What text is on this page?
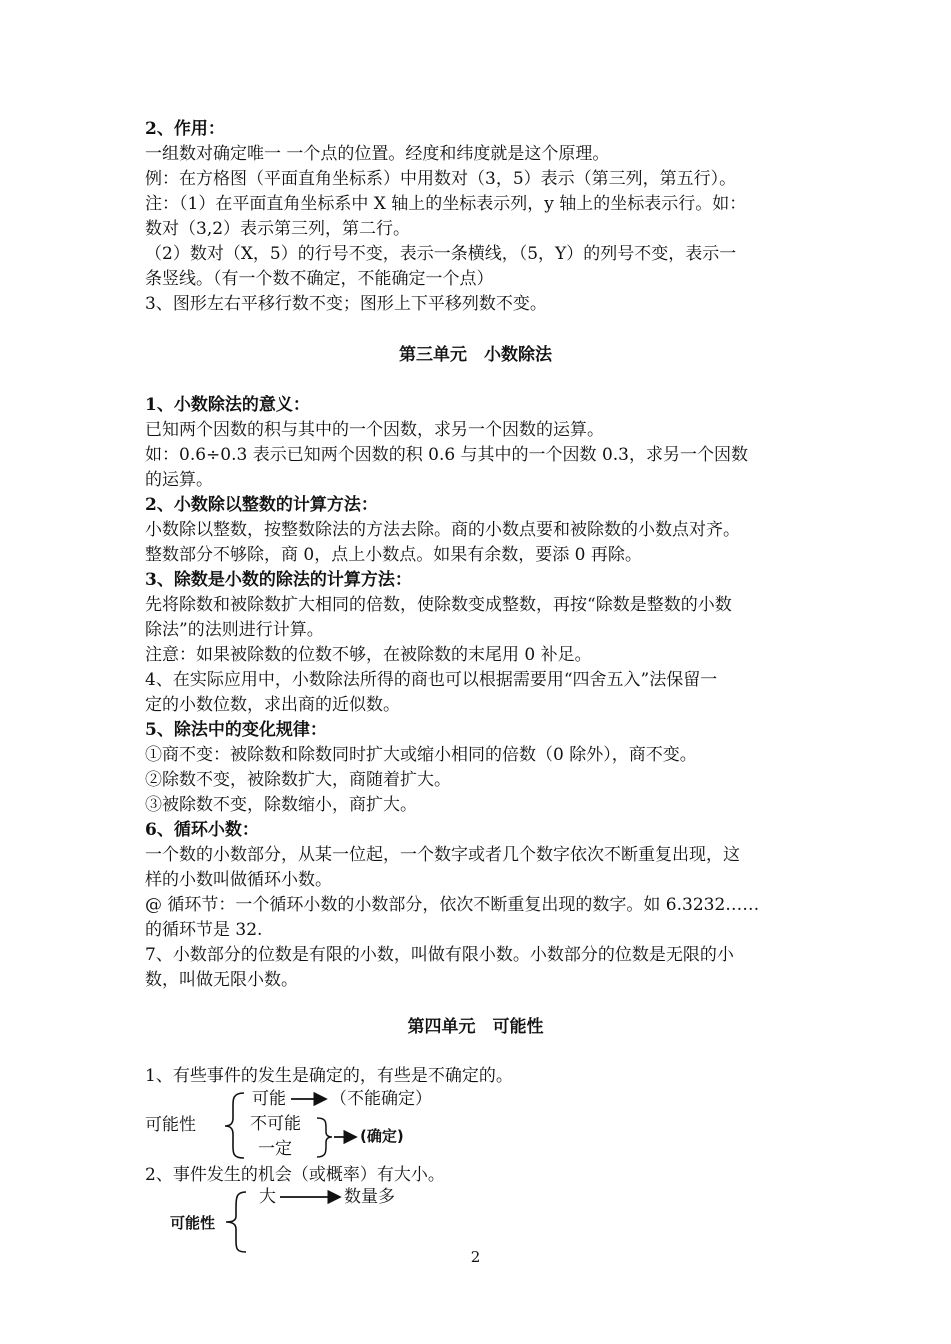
2、作用：
一组数对确定唯一 一个点的位置。经度和纬度就是这个原理。
例：在方格图（平面直角坐标系）中用数对（3，5）表示（第三列，第五行）。
注：（1）在平面直角坐标系中 X 轴上的坐标表示列，y 轴上的坐标表示行。如：
数对（3,2）表示第三列，第二行。
（2）数对（X，5）的行号不变，表示一条横线，（5，Y）的列号不变，表示一
条竖线。（有一个数不确定，不能确定一个点）
3、图形左右平移行数不变；图形上下平移列数不变。
第三单元　小数除法
1、小数除法的意义：
已知两个因数的积与其中的一个因数，求另一个因数的运算。
如：0.6÷0.3 表示已知两个因数的积 0.6 与其中的一个因数 0.3，求另一个因数
的运算。
2、小数除以整数的计算方法：
小数除以整数，按整数除法的方法去除。商的小数点要和被除数的小数点对齐。
整数部分不够除，商 0，点上小数点。如果有余数，要添 0 再除。
3、除数是小数的除法的计算方法：
先将除数和被除数扩大相同的倍数，使除数变成整数，再按“除数是整数的小数
除法”的法则进行计算。
注意：如果被除数的位数不够，在被除数的末尾用 0 补足。
4、在实际应用中，小数除法所得的商也可以根据需要用“四舍五入”法保留一
定的小数位数，求出商的近似数。
5、除法中的变化规律：
①商不变：被除数和除数同时扩大或缩小相同的倍数（0 除外），商不变。
②除数不变，被除数扩大，商随着扩大。
③被除数不变，除数缩小，商扩大。
6、循环小数：
一个数的小数部分，从某一位起，一个数字或者几个数字依次不断重复出现，这
样的小数叫做循环小数。
@ 循环节：一个循环小数的小数部分，依次不断重复出现的数字。如 6.3232……
的循环节是 32.
7、小数部分的位数是有限的小数，叫做有限小数。小数部分的位数是无限的小
数，叫做无限小数。
第四单元　可能性
1、有些事件的发生是确定的，有些是不确定的。
可能性
可能	（不能确定）
不可能
一定
(确定)
2、事件发生的机会（或概率）有大小。
可能性
大	数量多
2
